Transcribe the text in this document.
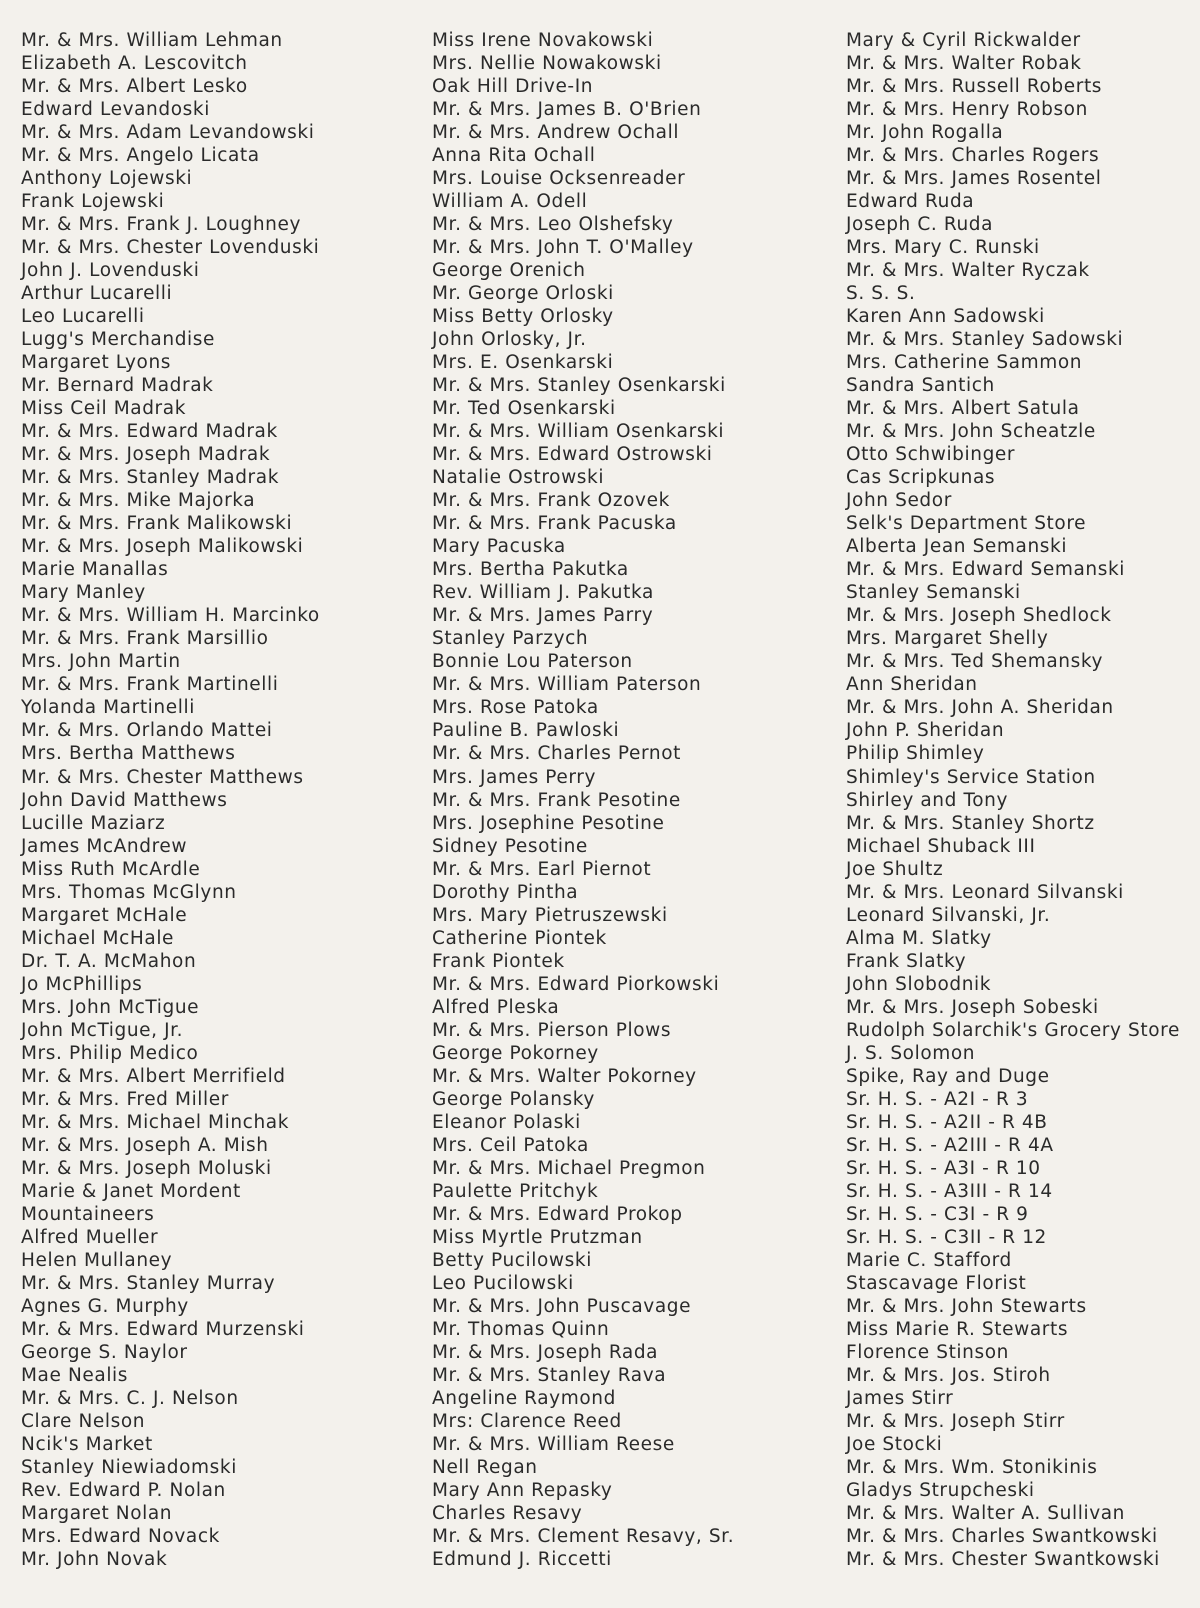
Mr. & Mrs. William Lehman
Elizabeth A. Lescovitch
Mr. & Mrs. Albert Lesko
Edward Levandoski
Mr. & Mrs. Adam Levandowski
Mr. & Mrs. Angelo Licata
Anthony Lojewski
Frank Lojewski
Mr. & Mrs. Frank J. Loughney
Mr. & Mrs. Chester Lovenduski
John J. Lovenduski
Arthur Lucarelli
Leo Lucarelli
Lugg's Merchandise
Margaret Lyons
Mr. Bernard Madrak
Miss Ceil Madrak
Mr. & Mrs. Edward Madrak
Mr. & Mrs. Joseph Madrak
Mr. & Mrs. Stanley Madrak
Mr. & Mrs. Mike Majorka
Mr. & Mrs. Frank Malikowski
Mr. & Mrs. Joseph Malikowski
Marie Manallas
Mary Manley
Mr. & Mrs. William H. Marcinko
Mr. & Mrs. Frank Marsillio
Mrs. John Martin
Mr. & Mrs. Frank Martinelli
Yolanda Martinelli
Mr. & Mrs. Orlando Mattei
Mrs. Bertha Matthews
Mr. & Mrs. Chester Matthews
John David Matthews
Lucille Maziarz
James McAndrew
Miss Ruth McArdle
Mrs. Thomas McGlynn
Margaret McHale
Michael McHale
Dr. T. A. McMahon
Jo McPhillips
Mrs. John McTigue
John McTigue, Jr.
Mrs. Philip Medico
Mr. & Mrs. Albert Merrifield
Mr. & Mrs. Fred Miller
Mr. & Mrs. Michael Minchak
Mr. & Mrs. Joseph A. Mish
Mr. & Mrs. Joseph Moluski
Marie & Janet Mordent
Mountaineers
Alfred Mueller
Helen Mullaney
Mr. & Mrs. Stanley Murray
Agnes G. Murphy
Mr. & Mrs. Edward Murzenski
George S. Naylor
Mae Nealis
Mr. & Mrs. C. J. Nelson
Clare Nelson
Ncik's Market
Stanley Niewiadomski
Rev. Edward P. Nolan
Margaret Nolan
Mrs. Edward Novack
Mr. John Novak
Miss Irene Novakowski
Mrs. Nellie Nowakowski
Oak Hill Drive-In
Mr. & Mrs. James B. O'Brien
Mr. & Mrs. Andrew Ochall
Anna Rita Ochall
Mrs. Louise Ocksenreader
William A. Odell
Mr. & Mrs. Leo Olshefsky
Mr. & Mrs. John T. O'Malley
George Orenich
Mr. George Orloski
Miss Betty Orlosky
John Orlosky, Jr.
Mrs. E. Osenkarski
Mr. & Mrs. Stanley Osenkarski
Mr. Ted Osenkarski
Mr. & Mrs. William Osenkarski
Mr. & Mrs. Edward Ostrowski
Natalie Ostrowski
Mr. & Mrs. Frank Ozovek
Mr. & Mrs. Frank Pacuska
Mary Pacuska
Mrs. Bertha Pakutka
Rev. William J. Pakutka
Mr. & Mrs. James Parry
Stanley Parzych
Bonnie Lou Paterson
Mr. & Mrs. William Paterson
Mrs. Rose Patoka
Pauline B. Pawloski
Mr. & Mrs. Charles Pernot
Mrs. James Perry
Mr. & Mrs. Frank Pesotine
Mrs. Josephine Pesotine
Sidney Pesotine
Mr. & Mrs. Earl Piernot
Dorothy Pintha
Mrs. Mary Pietruszewski
Catherine Piontek
Frank Piontek
Mr. & Mrs. Edward Piorkowski
Alfred Pleska
Mr. & Mrs. Pierson Plows
George Pokorney
Mr. & Mrs. Walter Pokorney
George Polansky
Eleanor Polaski
Mrs. Ceil Patoka
Mr. & Mrs. Michael Pregmon
Paulette Pritchyk
Mr. & Mrs. Edward Prokop
Miss Myrtle Prutzman
Betty Pucilowski
Leo Pucilowski
Mr. & Mrs. John Puscavage
Mr. Thomas Quinn
Mr. & Mrs. Joseph Rada
Mr. & Mrs. Stanley Rava
Angeline Raymond
Mrs: Clarence Reed
Mr. & Mrs. William Reese
Nell Regan
Mary Ann Repasky
Charles Resavy
Mr. & Mrs. Clement Resavy, Sr.
Edmund J. Riccetti
Mary & Cyril Rickwalder
Mr. & Mrs. Walter Robak
Mr. & Mrs. Russell Roberts
Mr. & Mrs. Henry Robson
Mr. John Rogalla
Mr. & Mrs. Charles Rogers
Mr. & Mrs. James Rosentel
Edward Ruda
Joseph C. Ruda
Mrs. Mary C. Runski
Mr. & Mrs. Walter Ryczak
S. S. S.
Karen Ann Sadowski
Mr. & Mrs. Stanley Sadowski
Mrs. Catherine Sammon
Sandra Santich
Mr. & Mrs. Albert Satula
Mr. & Mrs. John Scheatzle
Otto Schwibinger
Cas Scripkunas
John Sedor
Selk's Department Store
Alberta Jean Semanski
Mr. & Mrs. Edward Semanski
Stanley Semanski
Mr. & Mrs. Joseph Shedlock
Mrs. Margaret Shelly
Mr. & Mrs. Ted Shemansky
Ann Sheridan
Mr. & Mrs. John A. Sheridan
John P. Sheridan
Philip Shimley
Shimley's Service Station
Shirley and Tony
Mr. & Mrs. Stanley Shortz
Michael Shuback III
Joe Shultz
Mr. & Mrs. Leonard Silvanski
Leonard Silvanski, Jr.
Alma M. Slatky
Frank Slatky
John Slobodnik
Mr. & Mrs. Joseph Sobeski
Rudolph Solarchik's Grocery Store
J. S. Solomon
Spike, Ray and Duge
Sr. H. S. - A2I - R 3
Sr. H. S. - A2II - R 4B
Sr. H. S. - A2III - R 4A
Sr. H. S. - A3I - R 10
Sr. H. S. - A3III - R 14
Sr. H. S. - C3I - R 9
Sr. H. S. - C3II - R 12
Marie C. Stafford
Stascavage Florist
Mr. & Mrs. John Stewarts
Miss Marie R. Stewarts
Florence Stinson
Mr. & Mrs. Jos. Stiroh
James Stirr
Mr. & Mrs. Joseph Stirr
Joe Stocki
Mr. & Mrs. Wm. Stonikinis
Gladys Strupcheski
Mr. & Mrs. Walter A. Sullivan
Mr. & Mrs. Charles Swantkowski
Mr. & Mrs. Chester Swantkowski
